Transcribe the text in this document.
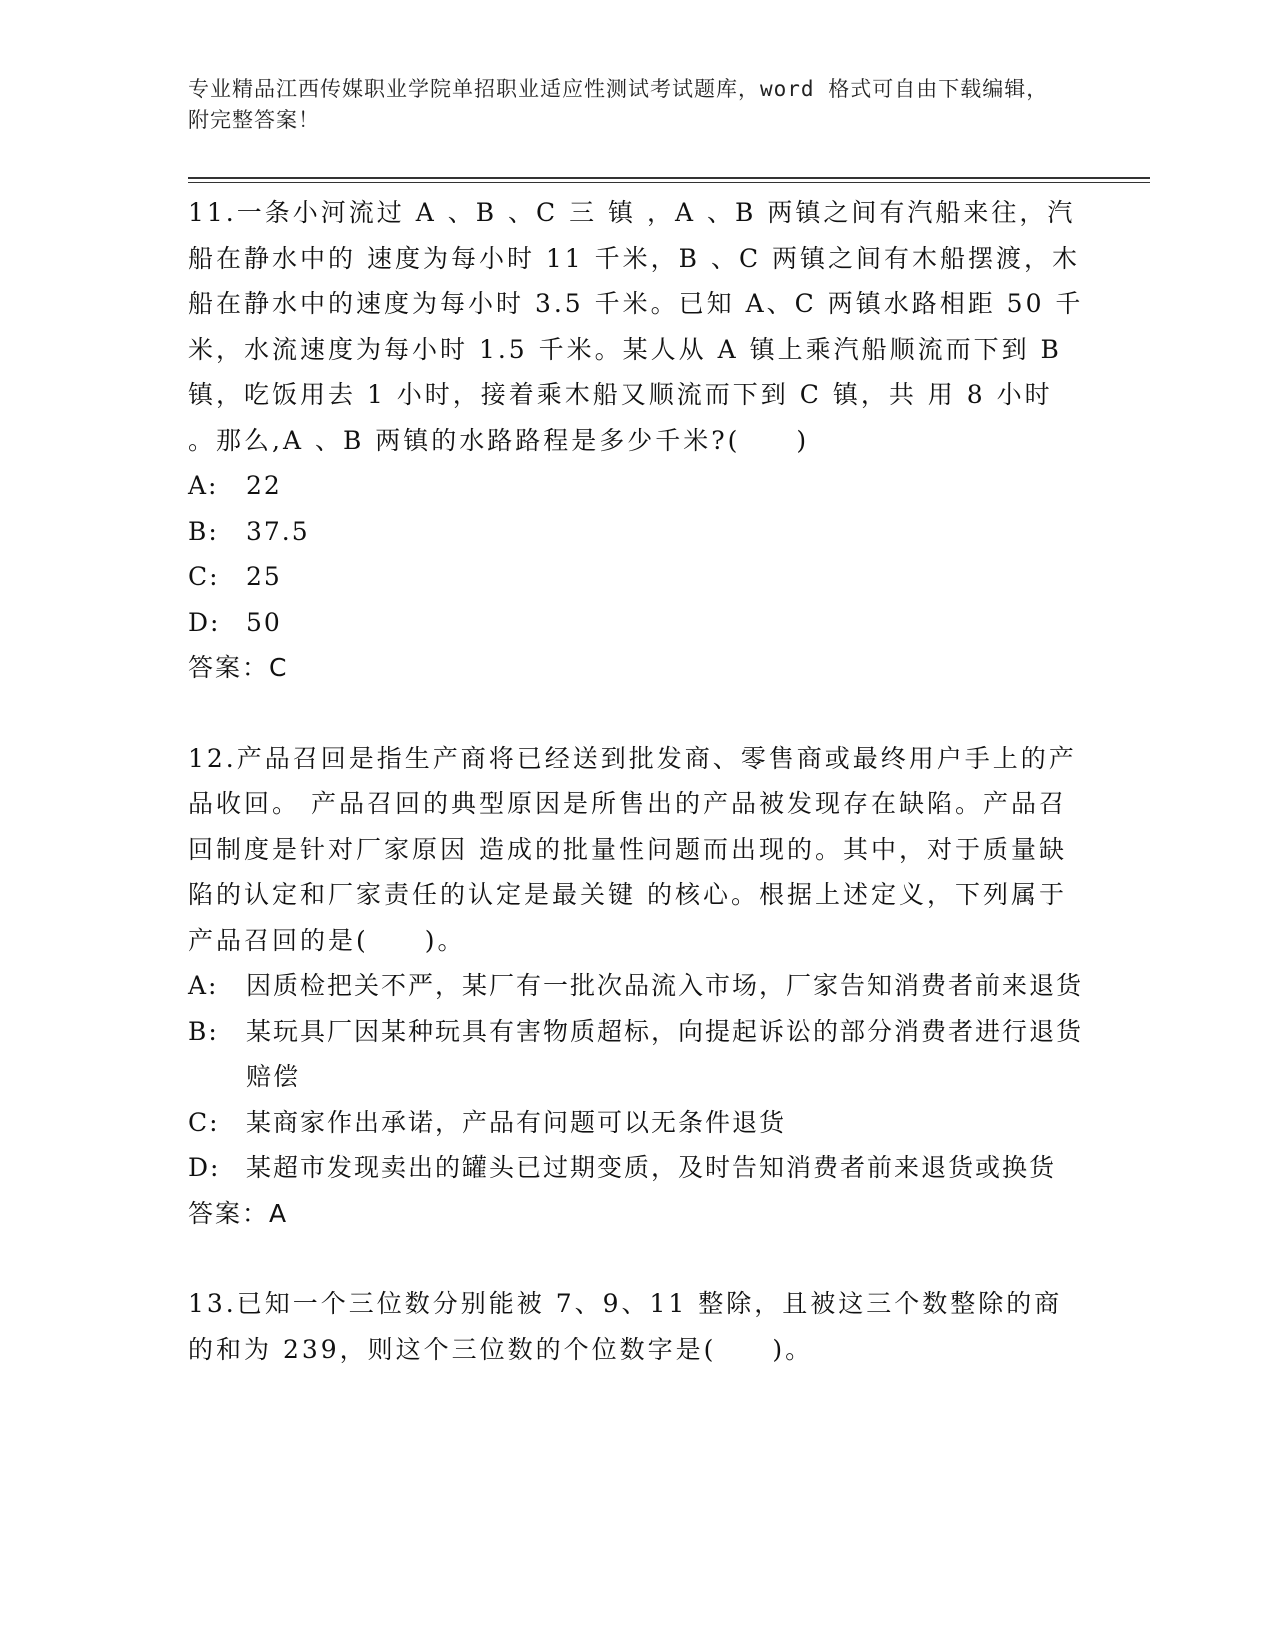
专业精品江西传媒职业学院单招职业适应性测试考试题库，word 格式可自由下载编辑，附完整答案！
11.一条小河流过 A 、B 、C 三 镇 ，A 、B 两镇之间有汽船来往，汽船在静水中的 速度为每小时 11 千米，B 、C 两镇之间有木船摆渡，木船在静水中的速度为每小时 3.5 千米。已知 A、C 两镇水路相距 50 千米，水流速度为每小时 1.5 千米。某人从 A 镇上乘汽船顺流而下到 B 镇，吃饭用去 1 小时，接着乘木船又顺流而下到 C 镇，共 用 8 小时 。那么,A 、B 两镇的水路路程是多少千米?(　　)
A:	22
B:	37.5
C:	25
D:	50
答案：C
12.产品召回是指生产商将已经送到批发商、零售商或最终用户手上的产品收回。 产品召回的典型原因是所售出的产品被发现存在缺陷。产品召回制度是针对厂家原因 造成的批量性问题而出现的。其中，对于质量缺陷的认定和厂家责任的认定是最关键 的核心。根据上述定义，下列属于产品召回的是(　　)。
A:	因质检把关不严，某厂有一批次品流入市场，厂家告知消费者前来退货
B:	某玩具厂因某种玩具有害物质超标，向提起诉讼的部分消费者进行退货赔偿
C:	某商家作出承诺，产品有问题可以无条件退货
D:	某超市发现卖出的罐头已过期变质，及时告知消费者前来退货或换货
答案：A
13.已知一个三位数分别能被 7、9、11 整除，且被这三个数整除的商的和为 239，则这个三位数的个位数字是(　　)。
